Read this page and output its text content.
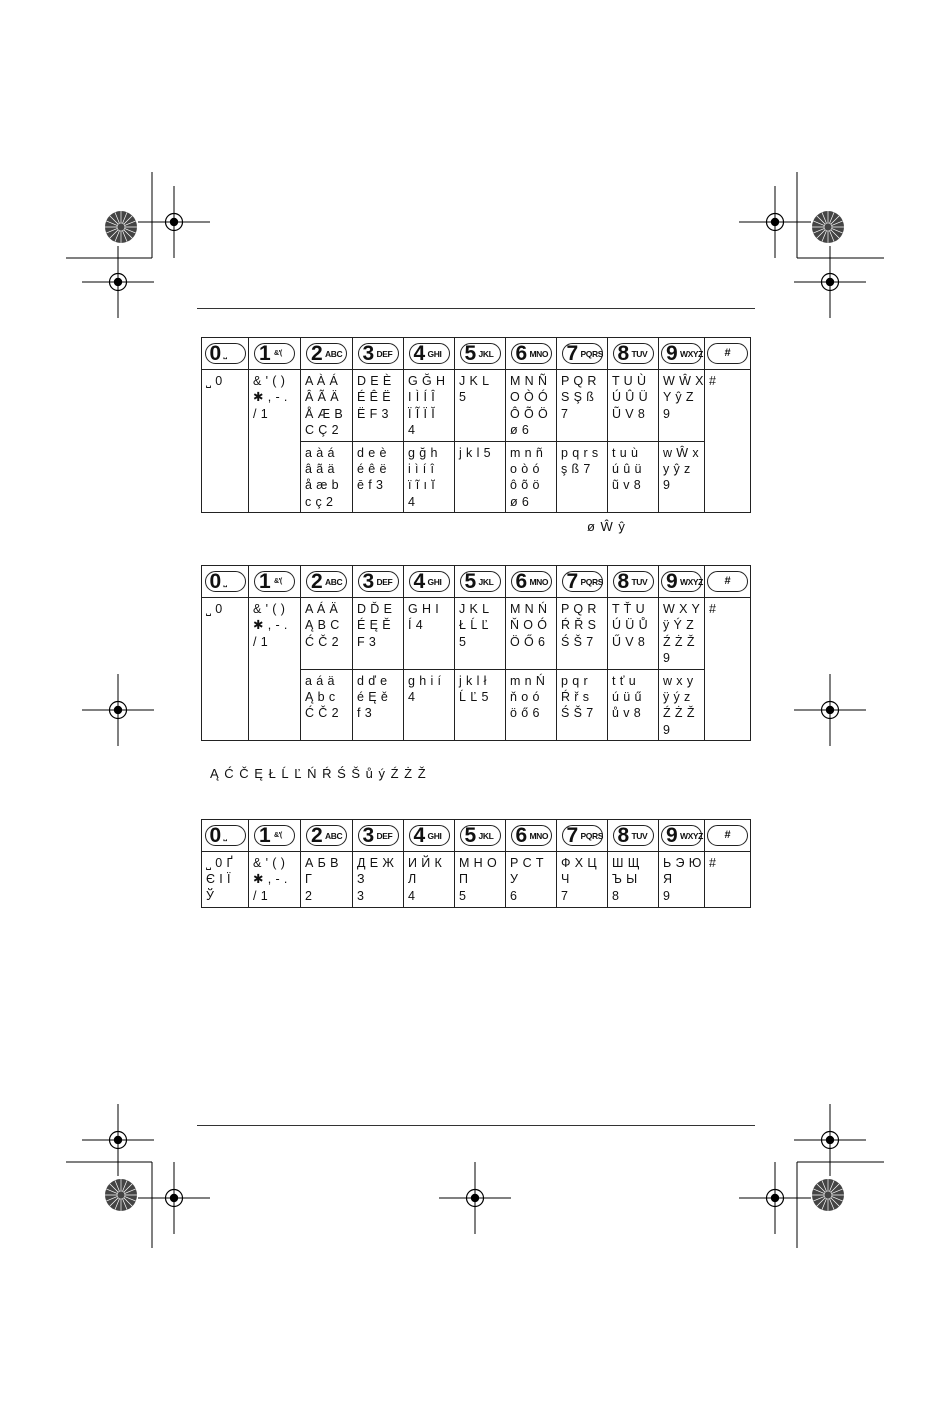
0 ⎵	1 &'(	2 ABC	3 DEF	4 GHI	5 JKL	6 MNO	7 PQRS	8 TUV	9 WXYZ	#

⎵ 0	& ' ( )
✱ , - .
/ 1	A À Á
Â Ã Ä
Å Æ B
C Ç 2	D E È
É Ê Ë
Ë F 3	G Ğ H
I Ì Í Î
Ï Ĩ Ï Ĭ
4	J K L
5	M N Ñ
O Ò Ó
Ô Õ Ö
ø 6	P Q R
S Ş ß
7	T U Ù
Ú Û Ü
Ũ V 8	W Ŵ X
Y ŷ Z
9	#
		a à á
â ã ä
å æ b
c ç 2	d e è
é ê ë
ē f 3	g ğ h
i ì í î
ï ĩ ı ĭ
4	j k l 5	m n ñ
o ò ó
ô õ ö
ø 6	p q r s
ş ß 7	t u ù
ú û ü
ũ v 8	w Ŵ x
y ŷ z
9	
ø Ŵ ŷ
0 ⎵	1 &'(	2 ABC	3 DEF	4 GHI	5 JKL	6 MNO	7 PQRS	8 TUV	9 WXYZ	#

⎵ 0	& ' ( )
✱ , - .
/ 1	A Á Ä
Ą B C
Ć Č 2	D Ď E
É Ę Ě
F 3	G H I
Í 4	J K L
Ł Ĺ Ľ
5	M N Ń
Ň O Ó
Ö Ő 6	P Q R
Ŕ Ř S
Ś Š 7	T Ť U
Ú Ü Ů
Ű V 8	W X Y
ÿ Ý Z
Ź Ż Ž
9	#
		a á ä
Ą b c
Ć Č 2	d ď e
é Ę ě
f 3	g h i í
4	j k l ł
Ĺ Ľ 5	m n Ń
ň o ó
ö ő 6	p q r
Ŕ ř s
Ś Š 7	t ť u
ú ü ű
ů v 8	w x y
ÿ ý z
Ź Ż Ž
9	
Ą Ć Č Ę Ł Ĺ Ľ Ń Ŕ Ś Š ů ý Ź Ż Ž
0 ⎵	1 &'(	2 ABC	3 DEF	4 GHI	5 JKL	6 MNO	7 PQRS	8 TUV	9 WXYZ	#

⎵ 0 Ґ
Є І Ї
Ў	& ' ( )
✱ , - .
/ 1	А Б В
Г
2	Д Е Ж
З
3	И Й К
Л
4	М Н О
П
5	Р С Т
У
6	Ф Х Ц
Ч
7	Ш Щ
Ъ Ы
8	Ь Э Ю
Я
9	#
